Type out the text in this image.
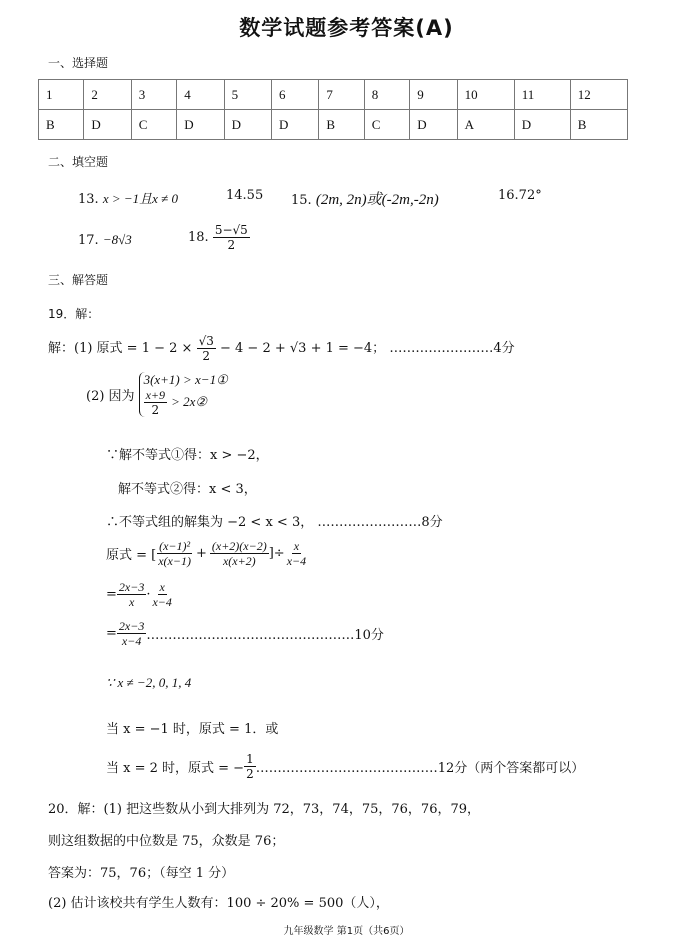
数学试题参考答案(A)
一、选择题
1	2	3	4	5	6	7	8	9	10	11	12
B	D	C	D	D	D	B	C	D	A	D	B
二、填空题
13. x > −1且x ≠ 0	14.55 15. (2m, 2n)或(-2m,-2n)	16.72°
17. −8√3	18. $\frac{5-√5}{2}$
三、解答题
19．解：
解：(1) 原式 = $1 - 2 \times \frac{√3}{2} - 4 - 2 + √3 + 1 = -4$； ……………………4分
(2) 因为
3(x+1) > x−1①
$\frac{x+9}{2}$ > 2x②
∵解不等式①得：x > −2，
解不等式②得：x < 3，
∴不等式组的解集为 −2 < x < 3， ……………………8分
原式 = [ $\frac{\text{(x−1)²}}{x(x-1)} + \frac{(x+2)(x-2)}{x(x+2)}$ ]÷ $\frac{x}{x-4}$
= $\frac{2x-3}{x} \cdot \frac{x}{x-4}$
= $\frac{2x-3}{x-4}$ …………………………………………10分
∵ x ≠ −2, 0, 1, 4
当 x = −1 时，原式 = 1．或
当 x = 2 时，原式 = − $\frac{1}{2}$ ……………………………………12分（两个答案都可以）
20．解：(1) 把这些数从小到大排列为 72，73，74，75，76，76，79，
则这组数据的中位数是 75，众数是 76；
答案为：75，76；（每空 1 分）
(2) 估计该校共有学生人数有：100 ÷ 20% = 500（人），
九年级数学 第1页（共6页）
